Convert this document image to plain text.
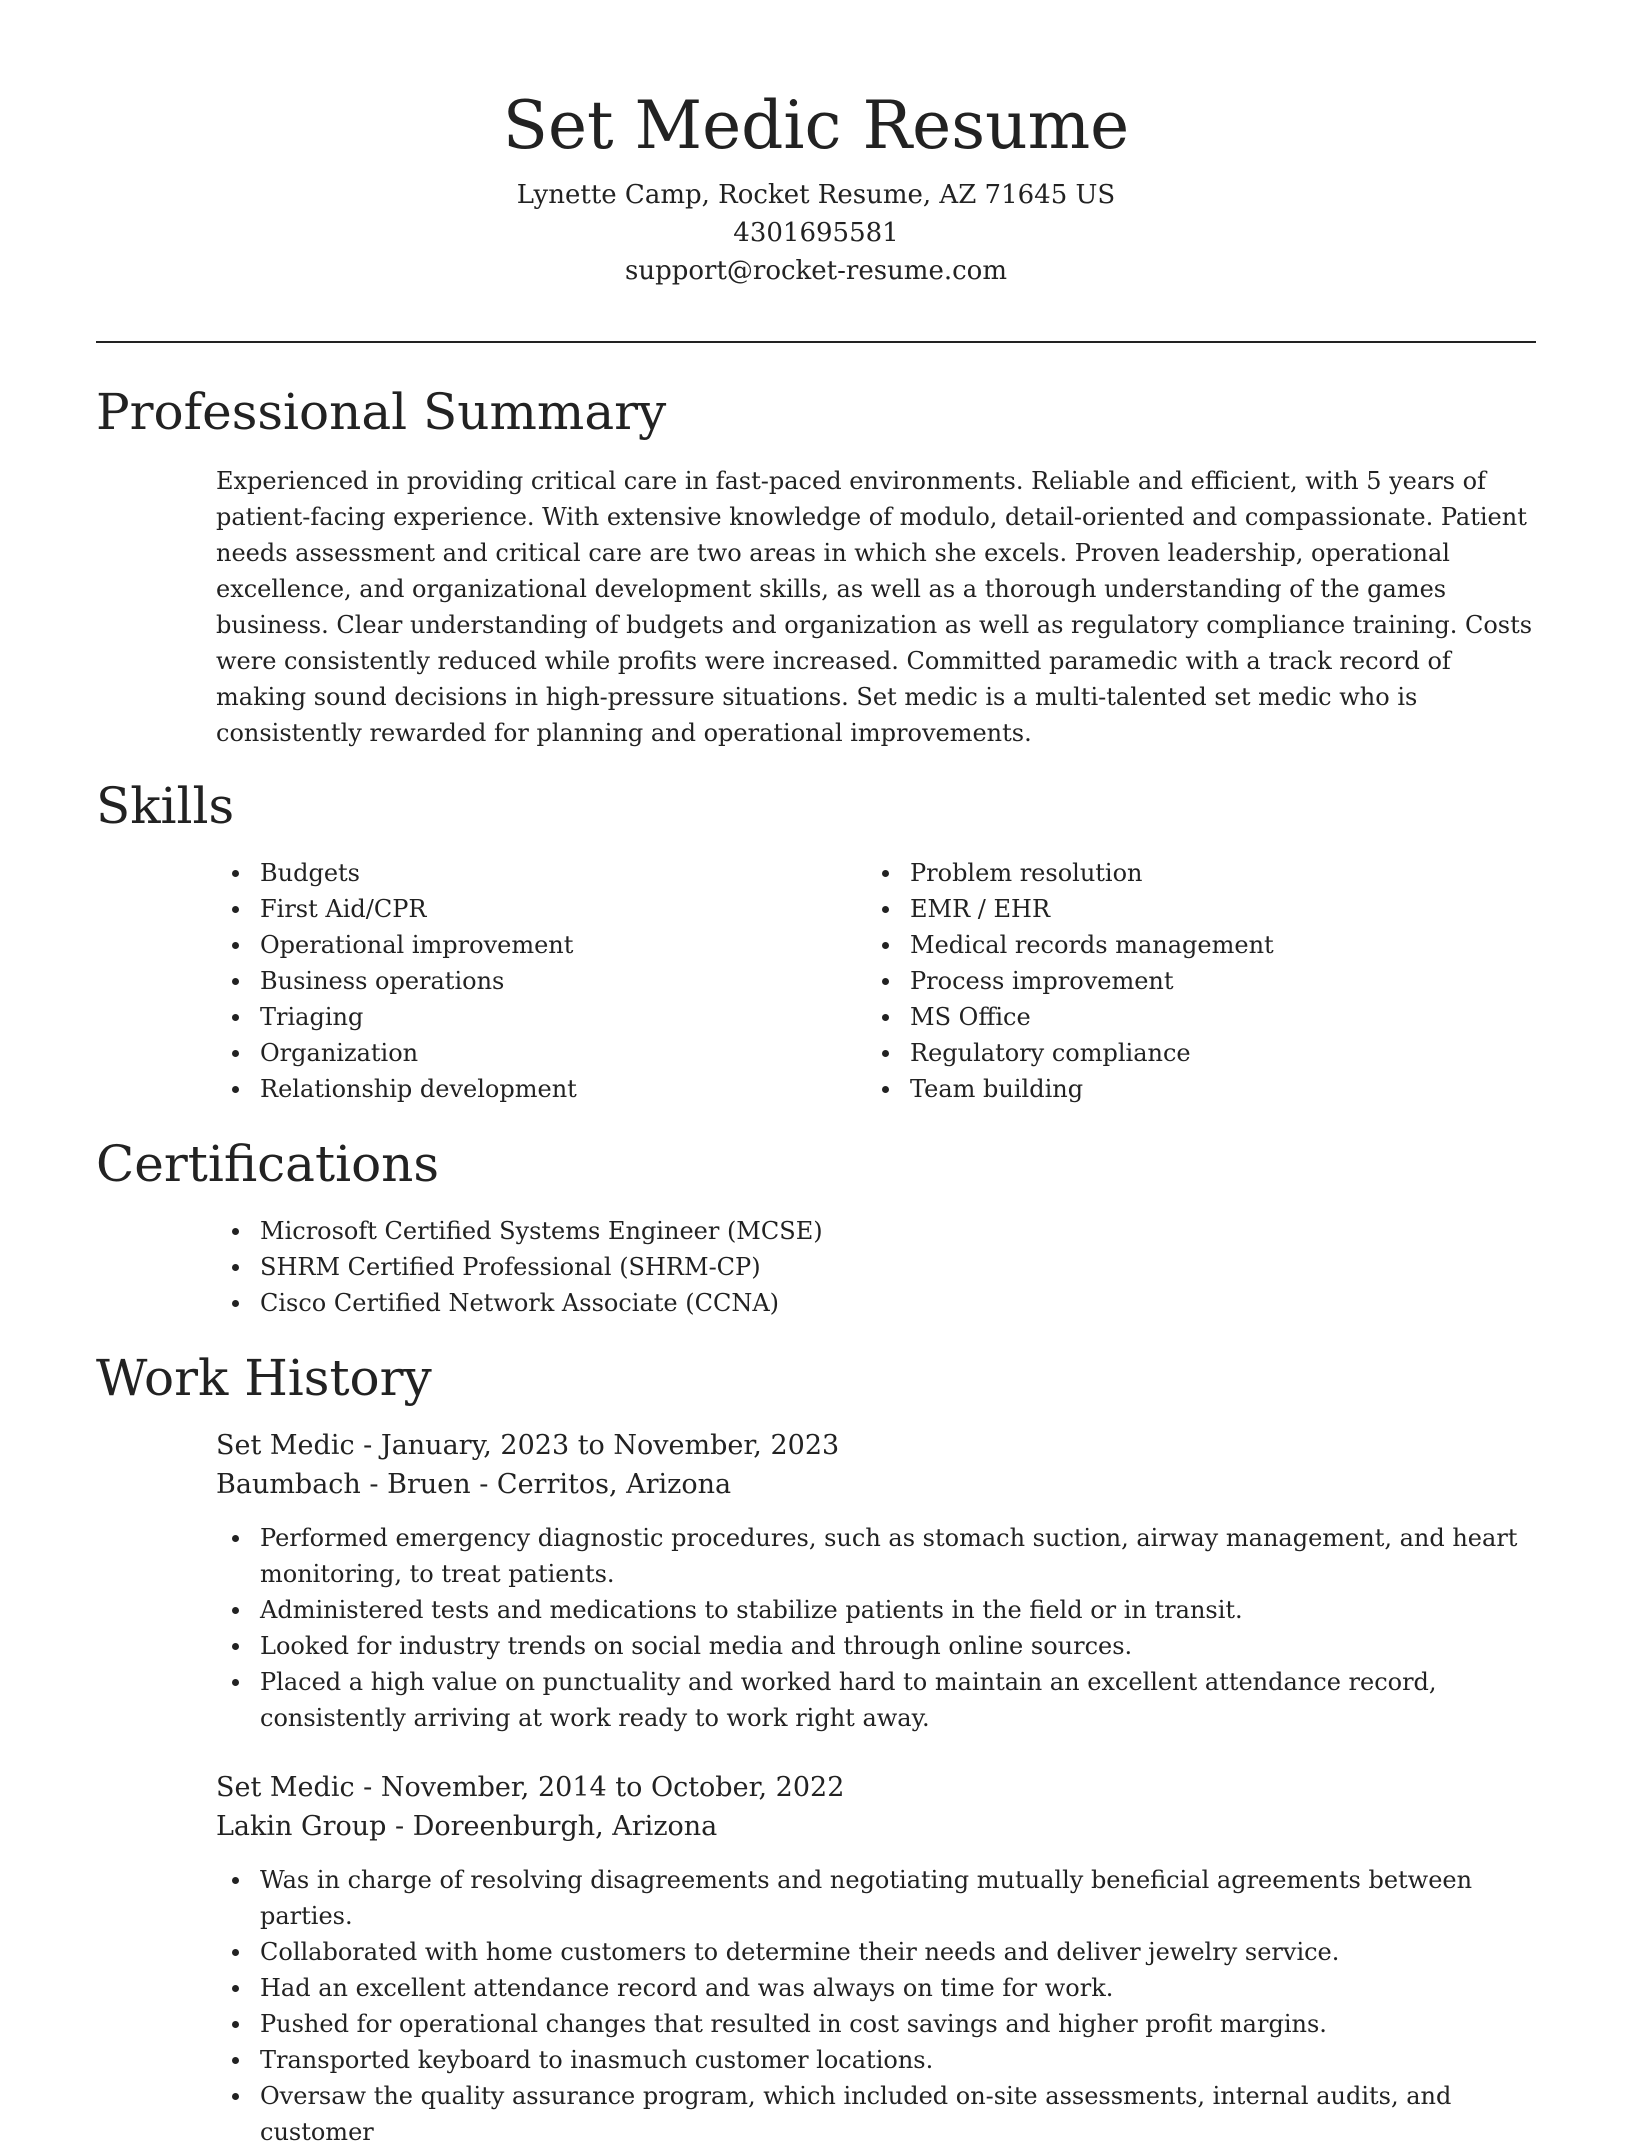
Set Medic Resume
Lynette Camp, Rocket Resume, AZ 71645 US
4301695581
support@rocket-resume.com
Professional Summary

Experienced in providing critical care in fast-paced environments. Reliable and efficient, with 5 years of patient-facing experience. With extensive knowledge of modulo, detail-oriented and compassionate. Patient needs assessment and critical care are two areas in which she excels. Proven leadership, operational excellence, and organizational development skills, as well as a thorough understanding of the games business. Clear understanding of budgets and organization as well as regulatory compliance training. Costs were consistently reduced while profits were increased. Committed paramedic with a track record of making sound decisions in high-pressure situations. Set medic is a multi-talented set medic who is consistently rewarded for planning and operational improvements.

Skills
Budgets
First Aid/CPR
Operational improvement
Business operations
Triaging
Organization
Relationship development
Problem resolution
EMR / EHR
Medical records management
Process improvement
MS Office
Regulatory compliance
Team building
Certifications
Microsoft Certified Systems Engineer (MCSE)
SHRM Certified Professional (SHRM-CP)
Cisco Certified Network Associate (CCNA)
Work History
Set Medic - January, 2023 to November, 2023
Baumbach - Bruen - Cerritos, Arizona
Performed emergency diagnostic procedures, such as stomach suction, airway management, and heart monitoring, to treat patients.
Administered tests and medications to stabilize patients in the field or in transit.
Looked for industry trends on social media and through online sources.
Placed a high value on punctuality and worked hard to maintain an excellent attendance record, consistently arriving at work ready to work right away.
Set Medic - November, 2014 to October, 2022
Lakin Group - Doreenburgh, Arizona
Was in charge of resolving disagreements and negotiating mutually beneficial agreements between parties.
Collaborated with home customers to determine their needs and deliver jewelry service.
Had an excellent attendance record and was always on time for work.
Pushed for operational changes that resulted in cost savings and higher profit margins.
Transported keyboard to inasmuch customer locations.
Oversaw the quality assurance program, which included on-site assessments, internal audits, and customer
